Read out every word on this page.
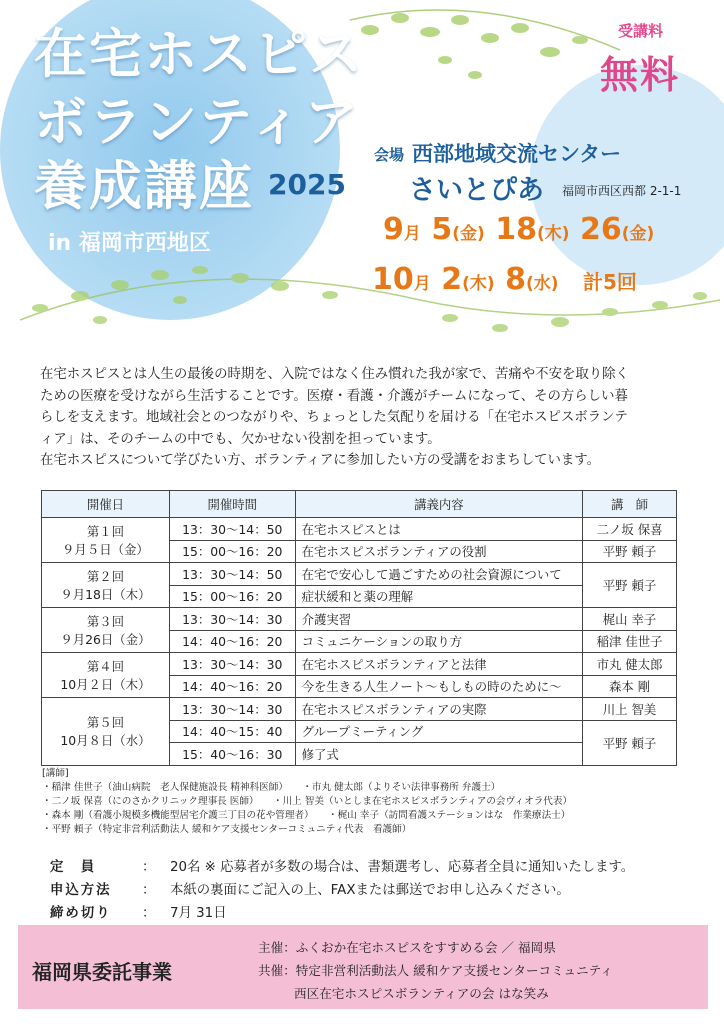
在宅ホスピス
ボランティア
養成講座 2025
in 福岡市西地区
受講料
無料
会場 西部地域交流センター
さいとぴあ 福岡市西区西都 2-1-1
9月 5(金) 18(木) 26(金)
10月 2(木) 8(水) 計5回
在宅ホスピスとは人生の最後の時期を、入院ではなく住み慣れた我が家で、苦痛や不安を取り除く
ための医療を受けながら生活することです。医療・看護・介護がチームになって、その方らしい暮
らしを支えます。地域社会とのつながりや、ちょっとした気配りを届ける「在宅ホスピスボランテ
ィア」は、そのチームの中でも、欠かせない役割を担っています。
在宅ホスピスについて学びたい方、ボランティアに参加したい方の受講をおまちしています。
開催日	開催時間	講義内容	講　師

第１回
９月５日（金）	13：30〜14：50	在宅ホスピスとは	二ノ坂 保喜
	15：00〜16：20	在宅ホスピスボランティアの役割	平野 頼子

第２回
９月18日（木）	13：30〜14：50	在宅で安心して過ごすための社会資源について	平野 頼子
	15：00〜16：20	症状緩和と薬の理解	

第３回
９月26日（金）	13：30〜14：30	介護実習	梶山 幸子
	14：40〜16：20	コミュニケーションの取り方	稲津 佳世子

第４回
10月２日（木）	13：30〜14：30	在宅ホスピスボランティアと法律	市丸 健太郎
	14：40〜16：20	今を生きる人生ノート〜もしもの時のために〜	森本 剛

第５回
10月８日（水）	13：30〜14：30	在宅ホスピスボランティアの実際	川上 智美
	14：40〜15：40	グループミーティング	平野 頼子
	15：40〜16：30	修了式	
[講師]
・稲津 佳世子（油山病院　老人保健施設長 精神科医師）　　・市丸 健太郎（よりそい法律事務所 弁護士）
・二ノ坂 保喜（にのさかクリニック理事長 医師）　　・川上 智美（いとしま在宅ホスピスボランティアの会ヴィオラ代表）
・森本 剛（看護小規模多機能型居宅介護三丁目の花や管理者）　　・梶山 幸子（訪問看護ステーションはな　作業療法士）
・平野 頼子（特定非営利活動法人 緩和ケア支援センターコミュニティ代表　看護師）
定　員	： 20名 ※ 応募者が多数の場合は、書類選考し、応募者全員に通知いたします。
申込方法 ： 本紙の裏面にご記入の上、FAXまたは郵送でお申し込みください。
締め切り ： 7月 31日
福岡県委託事業
主催：ふくおか在宅ホスピスをすすめる会 ／ 福岡県
共催：特定非営利活動法人 緩和ケア支援センターコミュニティ
西区在宅ホスピスボランティアの会 はな笑み
